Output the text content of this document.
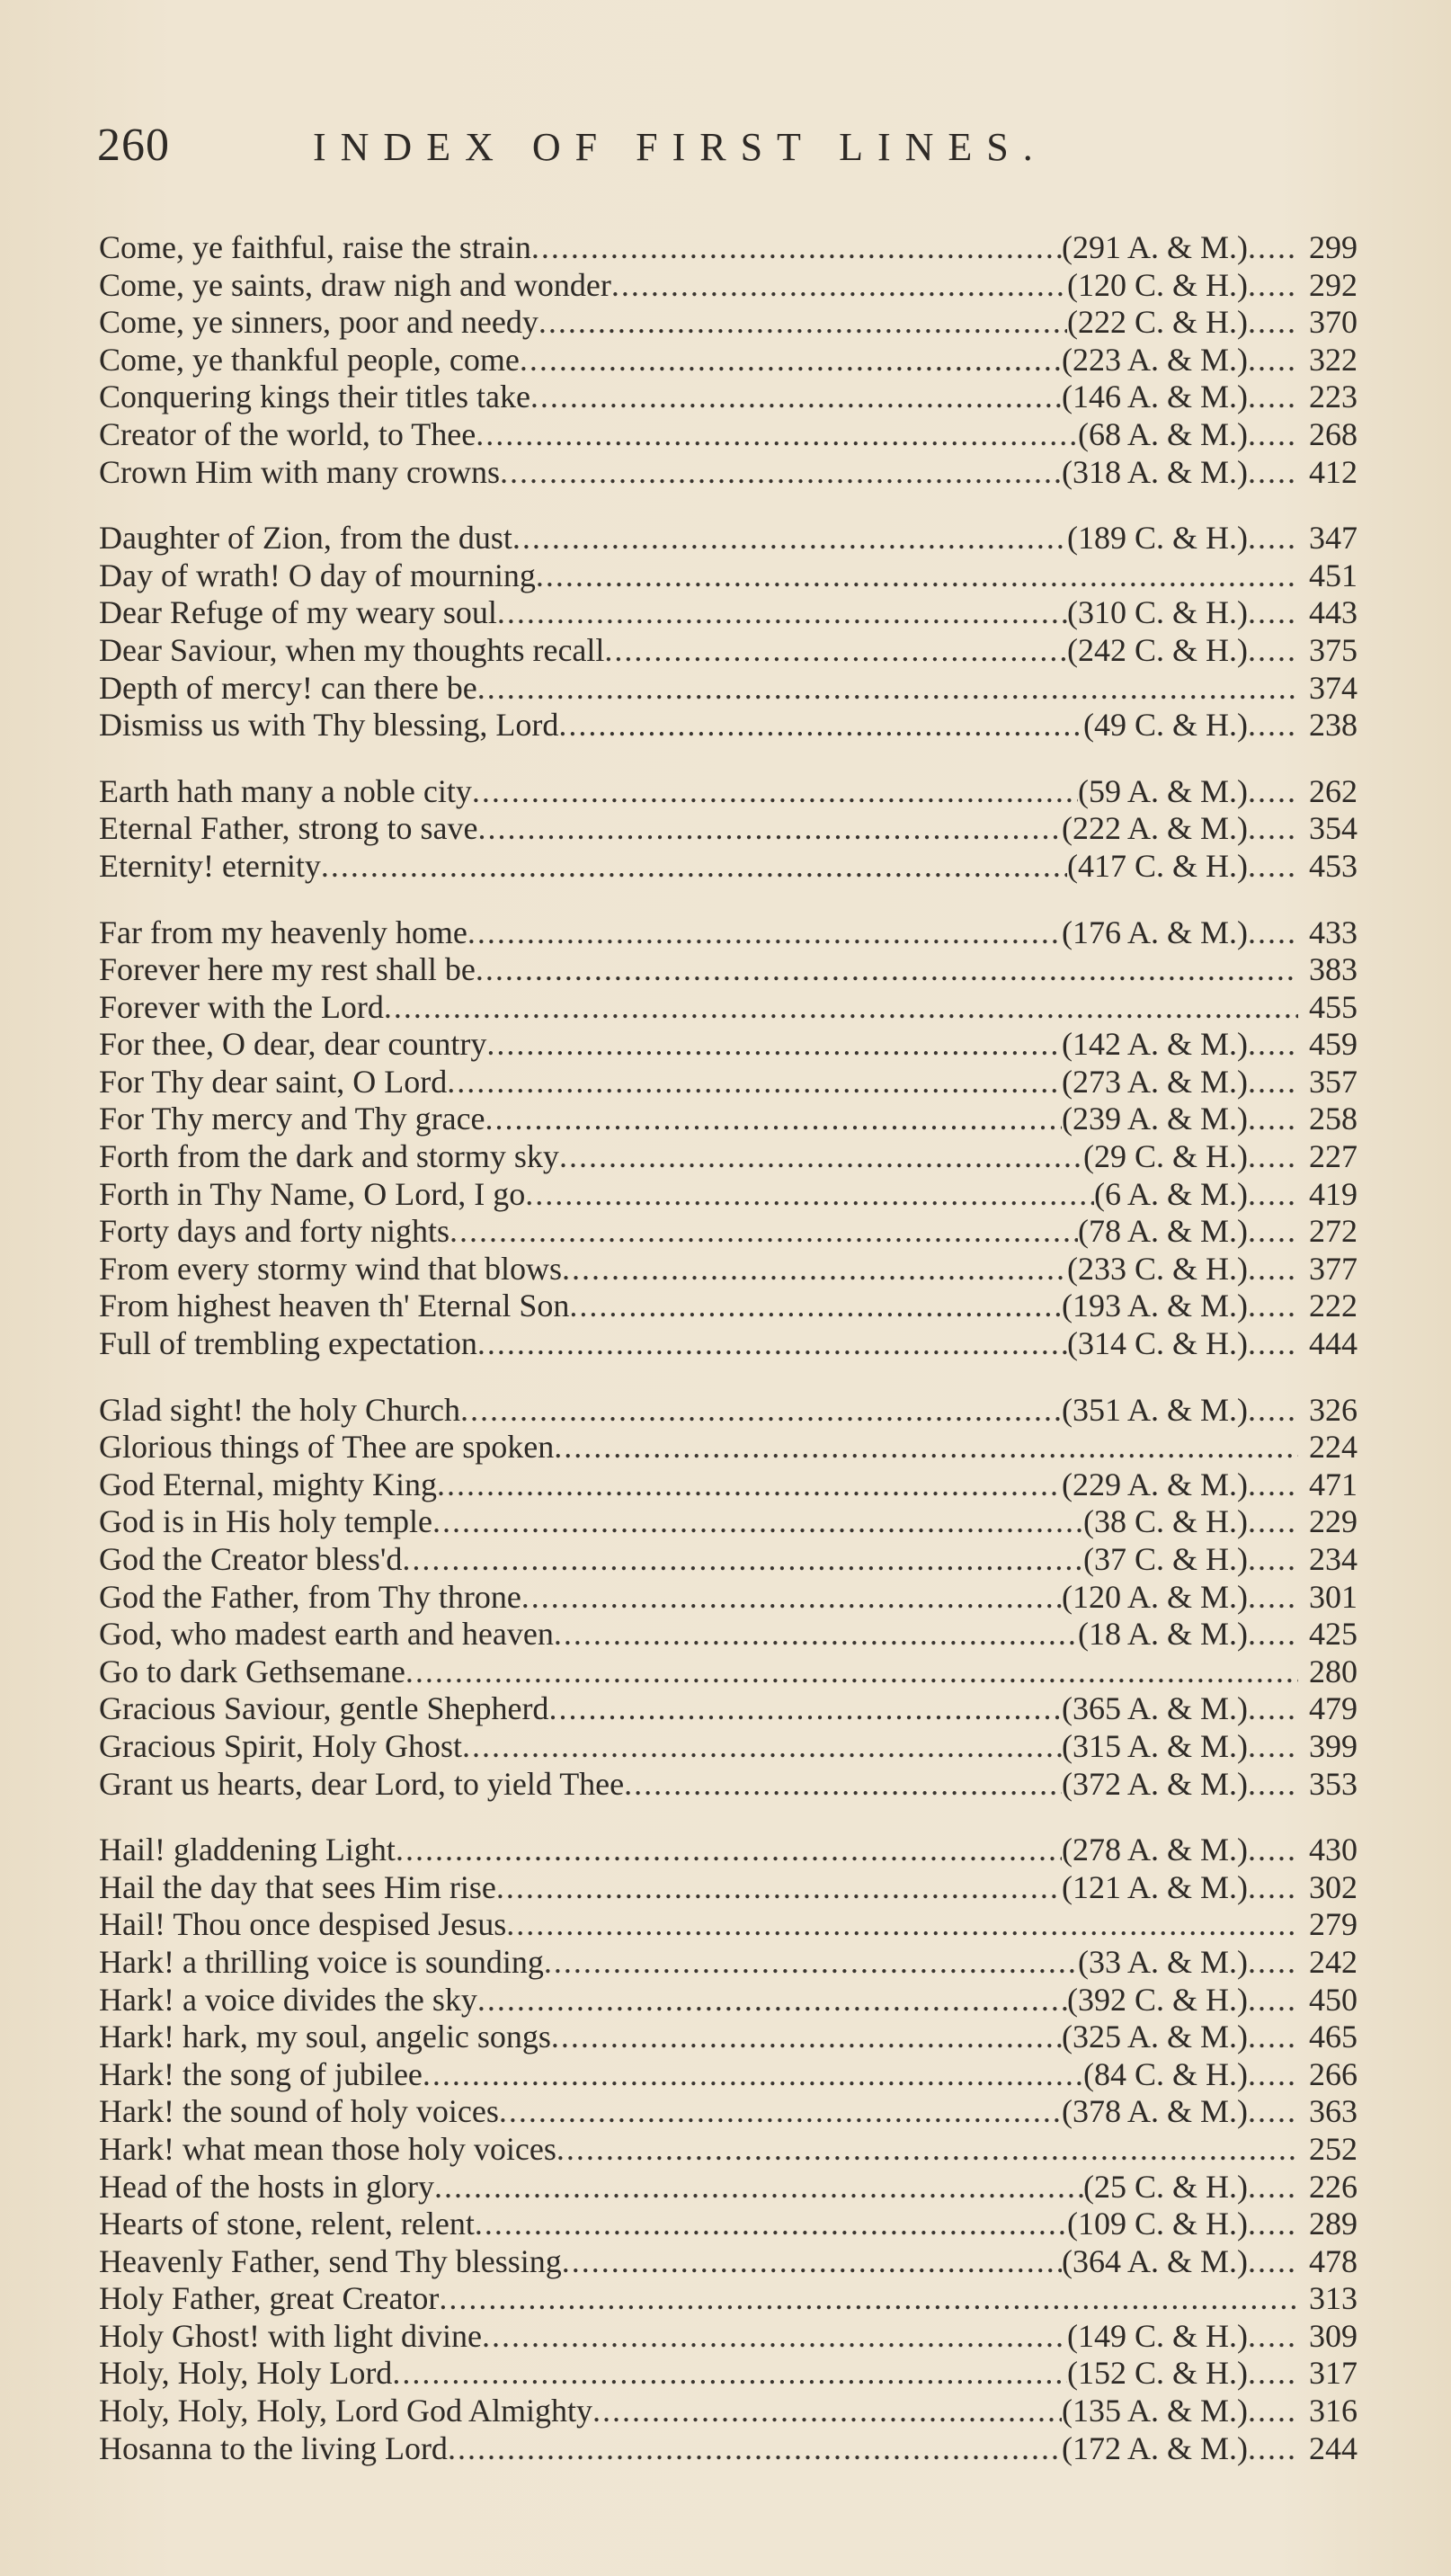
260	INDEX OF FIRST LINES.
Come, ye faithful, raise the strain .....	(291 A. & M.) ......	299
Come, ye saints, draw nigh and wonder .....	(120 C. & H.) ......	292
Come, ye sinners, poor and needy .....	(222 C. & H.) ......	370
Come, ye thankful people, come .....	(223 A. & M.) ......	322
Conquering kings their titles take .....	(146 A. & M.) ......	223
Creator of the world, to Thee .....	(68 A. & M.) ......	268
Crown Him with many crowns .....	(318 A. & M.) ......	412
Daughter of Zion, from the dust .....	(189 C. & H.) ......	347
Day of wrath! O day of mourning .....	451
Dear Refuge of my weary soul .....	(310 C. & H.) ......	443
Dear Saviour, when my thoughts recall .....	(242 C. & H.) ......	375
Depth of mercy! can there be .....	374
Dismiss us with Thy blessing, Lord .....	(49 C. & H.) ......	238
Earth hath many a noble city .....	(59 A. & M.) ......	262
Eternal Father, strong to save .....	(222 A. & M.) ......	354
Eternity! eternity .....	(417 C. & H.) ......	453
Far from my heavenly home .....	(176 A. & M.) ......	433
Forever here my rest shall be .....	383
Forever with the Lord .....	455
For thee, O dear, dear country .....	(142 A. & M.) ......	459
For Thy dear saint, O Lord .....	(273 A. & M.) ......	357
For Thy mercy and Thy grace .....	(239 A. & M.) ......	258
Forth from the dark and stormy sky .....	(29 C. & H.) ......	227
Forth in Thy Name, O Lord, I go .....	(6 A. & M.) ......	419
Forty days and forty nights .....	(78 A. & M.) ......	272
From every stormy wind that blows .....	(233 C. & H.) ......	377
From highest heaven th' Eternal Son .....	(193 A. & M.) ......	222
Full of trembling expectation .....	(314 C. & H.) ......	444
Glad sight! the holy Church .....	(351 A. & M.) ......	326
Glorious things of Thee are spoken .....	224
God Eternal, mighty King .....	(229 A. & M.) ......	471
God is in His holy temple .....	(38 C. & H.) ......	229
God the Creator bless'd .....	(37 C. & H.) ......	234
God the Father, from Thy throne .....	(120 A. & M.) ......	301
God, who madest earth and heaven .....	(18 A. & M.) ......	425
Go to dark Gethsemane .....	280
Gracious Saviour, gentle Shepherd .....	(365 A. & M.) ......	479
Gracious Spirit, Holy Ghost .....	(315 A. & M.) ......	399
Grant us hearts, dear Lord, to yield Thee .....	(372 A. & M.) ......	353
Hail! gladdening Light .....	(278 A. & M.) ......	430
Hail the day that sees Him rise .....	(121 A. & M.) ......	302
Hail! Thou once despised Jesus .....	279
Hark! a thrilling voice is sounding .....	(33 A. & M.) ......	242
Hark! a voice divides the sky .....	(392 C. & H.) ......	450
Hark! hark, my soul, angelic songs .....	(325 A. & M.) ......	465
Hark! the song of jubilee .....	(84 C. & H.) ......	266
Hark! the sound of holy voices .....	(378 A. & M.) ......	363
Hark! what mean those holy voices .....	252
Head of the hosts in glory .....	(25 C. & H.) ......	226
Hearts of stone, relent, relent .....	(109 C. & H.) ......	289
Heavenly Father, send Thy blessing .....	(364 A. & M.) ......	478
Holy Father, great Creator .....	313
Holy Ghost! with light divine .....	(149 C. & H.) ......	309
Holy, Holy, Holy Lord .....	(152 C. & H.) ......	317
Holy, Holy, Holy, Lord God Almighty .....	(135 A. & M.) ......	316
Hosanna to the living Lord .....	(172 A. & M.) ......	244
